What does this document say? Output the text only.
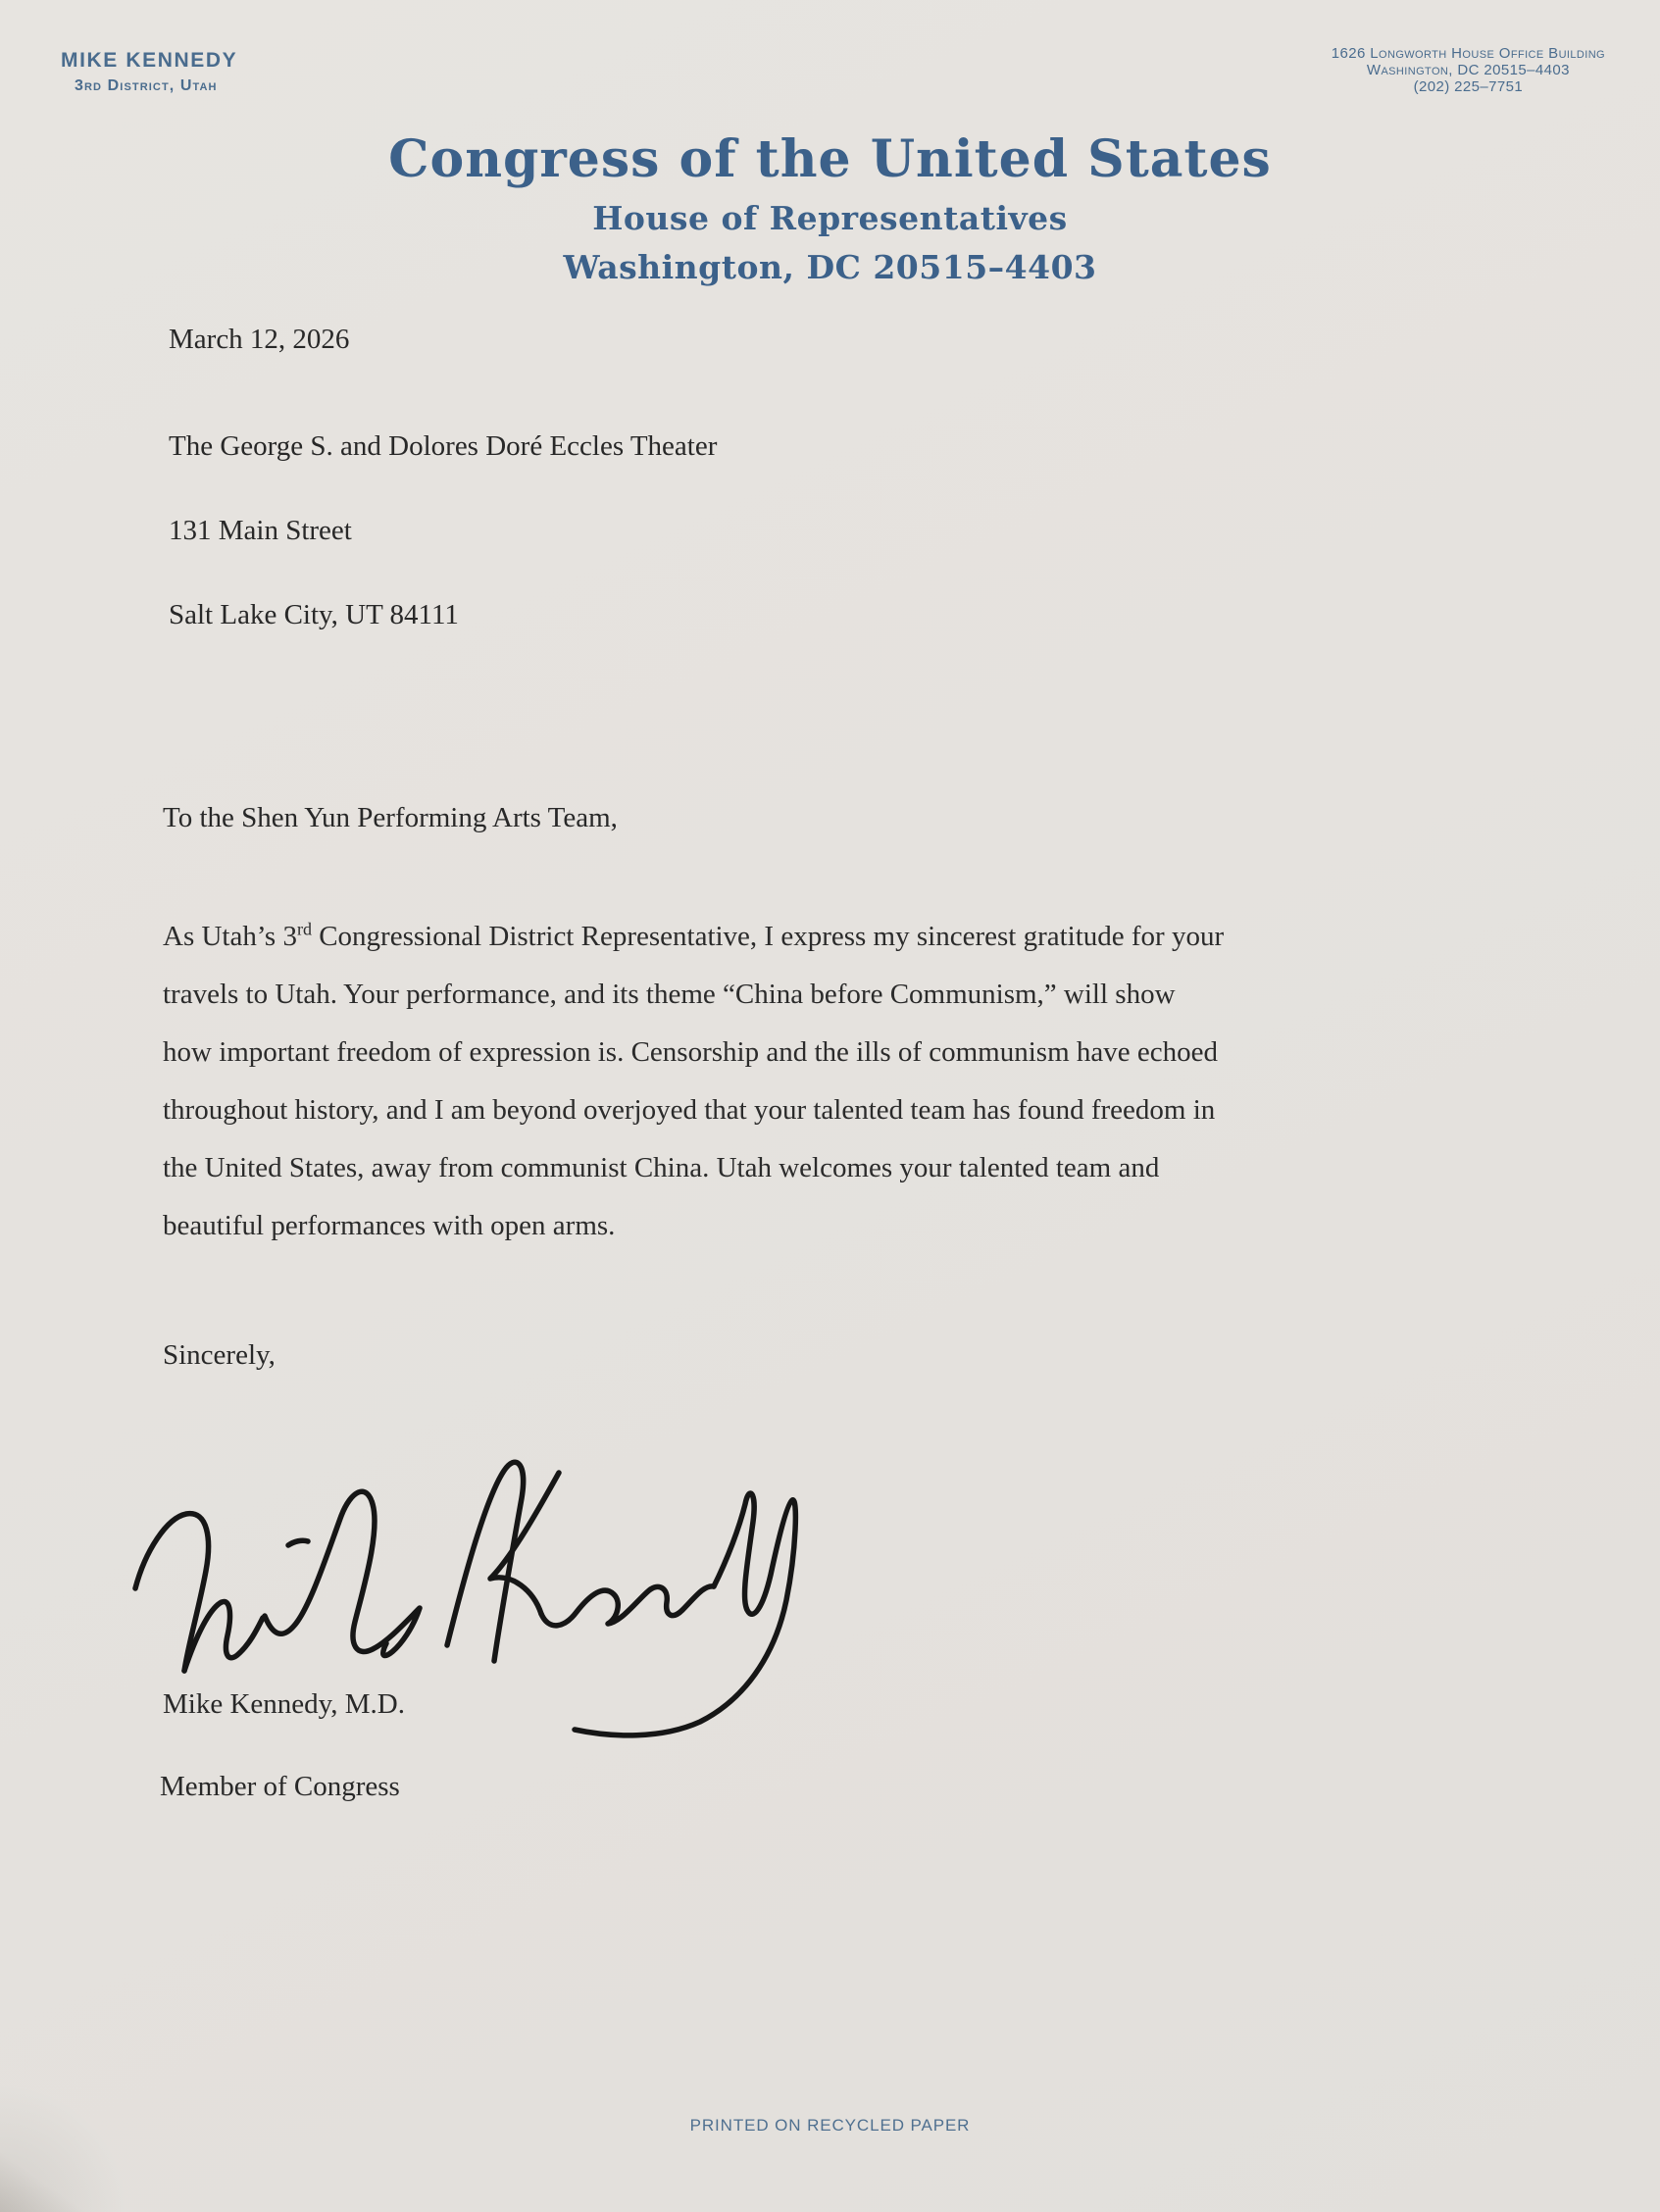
MIKE KENNEDY
3rd District, Utah
1626 Longworth House Office Building
Washington, DC 20515–4403
(202) 225–7751
Congress of the United States
House of Representatives
Washington, DC 20515–4403
March 12, 2026
The George S. and Dolores Doré Eccles Theater
131 Main Street
Salt Lake City, UT 84111
To the Shen Yun Performing Arts Team,

As Utah’s 3rd Congressional District Representative, I express my sincerest gratitude for your travels to Utah. Your performance, and its theme “China before Communism,” will show how important freedom of expression is. Censorship and the ills of communism have echoed throughout history, and I am beyond overjoyed that your talented team has found freedom in the United States, away from communist China. Utah welcomes your talented team and beautiful performances with open arms.

Sincerely,
Mike Kennedy, M.D.
Member of Congress
PRINTED ON RECYCLED PAPER
